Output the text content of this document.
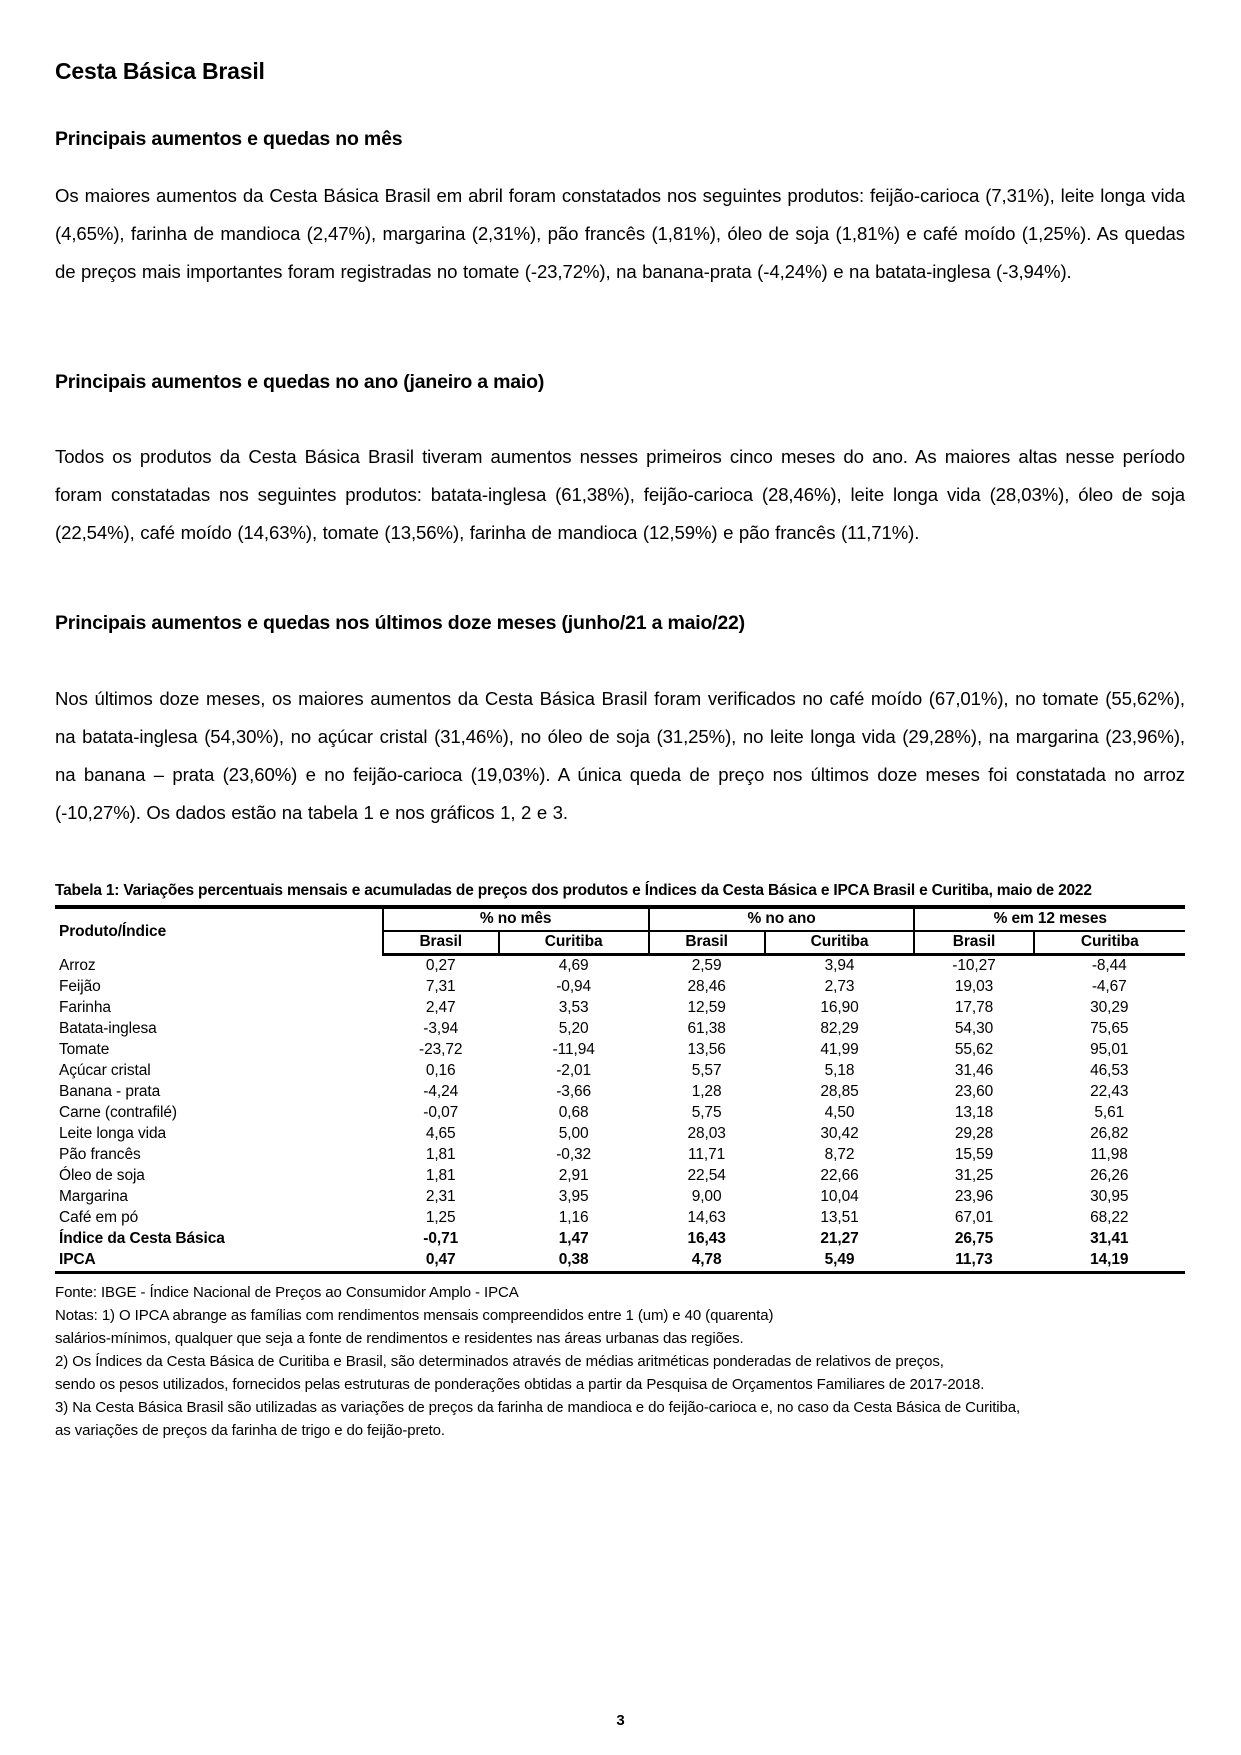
Cesta Básica Brasil
Principais aumentos e quedas no mês

Os maiores aumentos da Cesta Básica Brasil em abril foram constatados nos seguintes produtos: feijão-carioca (7,31%), leite longa vida (4,65%), farinha de mandioca (2,47%), margarina (2,31%), pão francês (1,81%), óleo de soja (1,81%) e café moído (1,25%). As quedas de preços mais importantes foram registradas no tomate (-23,72%), na banana-prata (-4,24%) e na batata-inglesa (-3,94%).

Principais aumentos e quedas no ano (janeiro a maio)

Todos os produtos da Cesta Básica Brasil tiveram aumentos nesses primeiros cinco meses do ano. As maiores altas nesse período foram constatadas nos seguintes produtos: batata-inglesa (61,38%), feijão-carioca (28,46%), leite longa vida (28,03%), óleo de soja (22,54%), café moído (14,63%), tomate (13,56%), farinha de mandioca (12,59%) e pão francês (11,71%).

Principais aumentos e quedas nos últimos doze meses (junho/21 a maio/22)

Nos últimos doze meses, os maiores aumentos da Cesta Básica Brasil foram verificados no café moído (67,01%), no tomate (55,62%), na batata-inglesa (54,30%), no açúcar cristal (31,46%), no óleo de soja (31,25%), no leite longa vida (29,28%), na margarina (23,96%), na banana – prata (23,60%) e no feijão-carioca (19,03%). A única queda de preço nos últimos doze meses foi constatada no arroz (-10,27%). Os dados estão na tabela 1 e nos gráficos 1, 2 e 3.

Tabela 1: Variações percentuais mensais e acumuladas de preços dos produtos e Índices da Cesta Básica e IPCA Brasil e Curitiba, maio de 2022
Produto/Índice	% no mês		% no ano		% em 12 meses	
	Brasil	Curitiba	Brasil	Curitiba	Brasil	Curitiba
Arroz	0,27	4,69	2,59	3,94	-10,27	-8,44
Feijão	7,31	-0,94	28,46	2,73	19,03	-4,67
Farinha	2,47	3,53	12,59	16,90	17,78	30,29
Batata-inglesa	-3,94	5,20	61,38	82,29	54,30	75,65
Tomate	-23,72	-11,94	13,56	41,99	55,62	95,01
Açúcar cristal	0,16	-2,01	5,57	5,18	31,46	46,53
Banana - prata	-4,24	-3,66	1,28	28,85	23,60	22,43
Carne (contrafilé)	-0,07	0,68	5,75	4,50	13,18	5,61
Leite longa vida	4,65	5,00	28,03	30,42	29,28	26,82
Pão francês	1,81	-0,32	11,71	8,72	15,59	11,98
Óleo de soja	1,81	2,91	22,54	22,66	31,25	26,26
Margarina	2,31	3,95	9,00	10,04	23,96	30,95
Café em pó	1,25	1,16	14,63	13,51	67,01	68,22
Índice da Cesta Básica	-0,71	1,47	16,43	21,27	26,75	31,41
IPCA	0,47	0,38	4,78	5,49	11,73	14,19
Fonte: IBGE - Índice Nacional de Preços ao Consumidor Amplo - IPCA
Notas: 1) O IPCA abrange as famílias com rendimentos mensais compreendidos entre 1 (um) e 40 (quarenta)
salários-mínimos, qualquer que seja a fonte de rendimentos e residentes nas áreas urbanas das regiões.
2) Os Índices da Cesta Básica de Curitiba e Brasil, são determinados através de médias aritméticas ponderadas de relativos de preços,
sendo os pesos utilizados, fornecidos pelas estruturas de ponderações obtidas a partir da Pesquisa de Orçamentos Familiares de 2017-2018.
3) Na Cesta Básica Brasil são utilizadas as variações de preços da farinha de mandioca e do feijão-carioca e, no caso da Cesta Básica de Curitiba,
as variações de preços da farinha de trigo e do feijão-preto.
3
